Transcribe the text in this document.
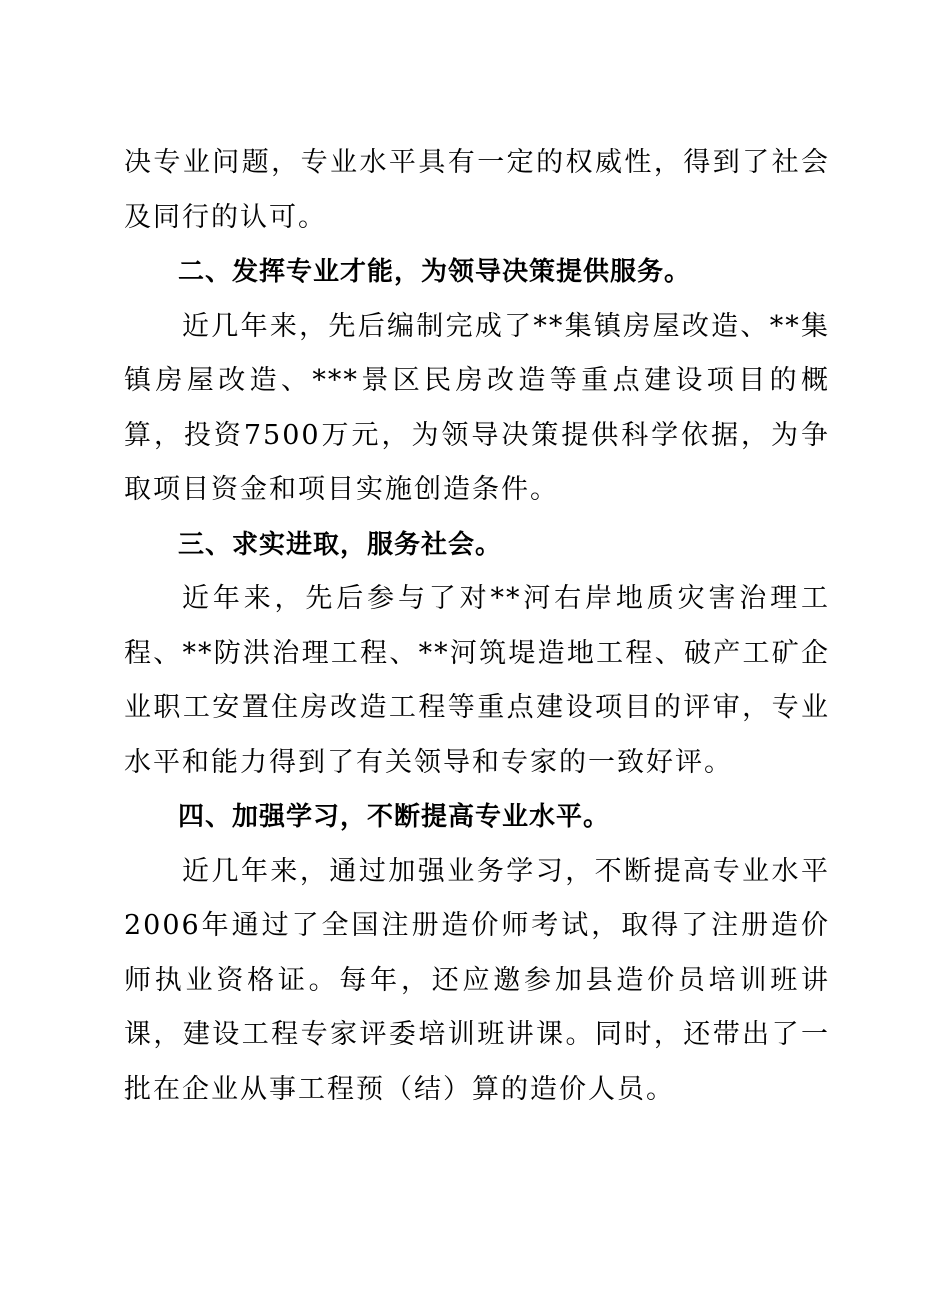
决专业问题，专业水平具有一定的权威性，得到了社会及同行的认可。

二、发挥专业才能，为领导决策提供服务。

近几年来，先后编制完成了**集镇房屋改造、**集镇房屋改造、***景区民房改造等重点建设项目的概算，投资7500万元，为领导决策提供科学依据，为争取项目资金和项目实施创造条件。

三、求实进取，服务社会。

近年来，先后参与了对**河右岸地质灾害治理工程、**防洪治理工程、**河筑堤造地工程、破产工矿企业职工安置住房改造工程等重点建设项目的评审，专业水平和能力得到了有关领导和专家的一致好评。

四、加强学习，不断提高专业水平。

近几年来，通过加强业务学习，不断提高专业水平2006年通过了全国注册造价师考试，取得了注册造价师执业资格证。每年，还应邀参加县造价员培训班讲课，建设工程专家评委培训班讲课。同时，还带出了一批在企业从事工程预（结）算的造价人员。
